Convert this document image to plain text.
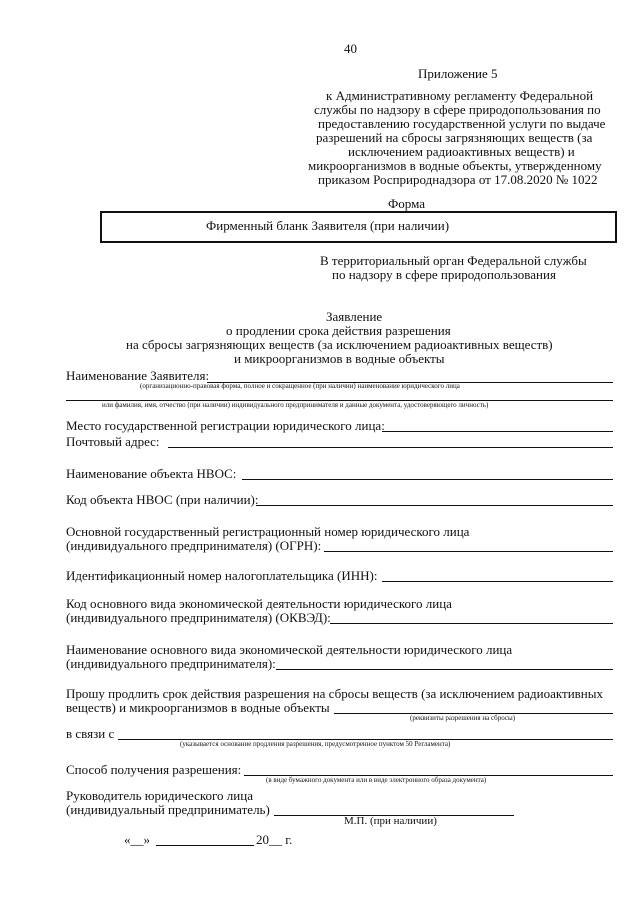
40
Приложение 5
к Административному регламенту Федеральной
службы по надзору в сфере природопользования по
предоставлению государственной услуги по выдаче
разрешений на сбросы загрязняющих веществ (за
исключением радиоактивных веществ) и
микроорганизмов в водные объекты, утвержденному
приказом Росприроднадзора от 17.08.2020 № 1022
Форма
Фирменный бланк Заявителя (при наличии)
В территориальный орган Федеральной службы
по надзору в сфере природопользования
Заявление
о продлении срока действия разрешения
на сбросы загрязняющих веществ (за исключением радиоактивных веществ)
и микроорганизмов в водные объекты
Наименование Заявителя:
(организационно-правовая форма, полное и сокращенное (при наличии) наименование юридического лица
или фамилия, имя, отчество (при наличии) индивидуального предпринимателя и данные документа, удостоверяющего личность)
Место государственной регистрации юридического лица:
Почтовый адрес:
Наименование объекта НВОС:
Код объекта НВОС (при наличии):
Основной государственный регистрационный номер юридического лица
(индивидуального предпринимателя) (ОГРН):
Идентификационный номер налогоплательщика (ИНН):
Код основного вида экономической деятельности юридического лица
(индивидуального предпринимателя) (ОКВЭД):
Наименование основного вида экономической деятельности юридического лица
(индивидуального предпринимателя):
Прошу продлить срок действия разрешения на сбросы веществ (за исключением радиоактивных
веществ) и микроорганизмов в водные объекты
(реквизиты разрешения на сбросы)
в связи с
(указывается основание продления разрешения, предусмотренное пунктом 50 Регламента)
Способ получения разрешения:
(в виде бумажного документа или в виде электронного образа документа)
Руководитель юридического лица
(индивидуальный предприниматель)
М.П. (при наличии)
«__»	20__ г.
